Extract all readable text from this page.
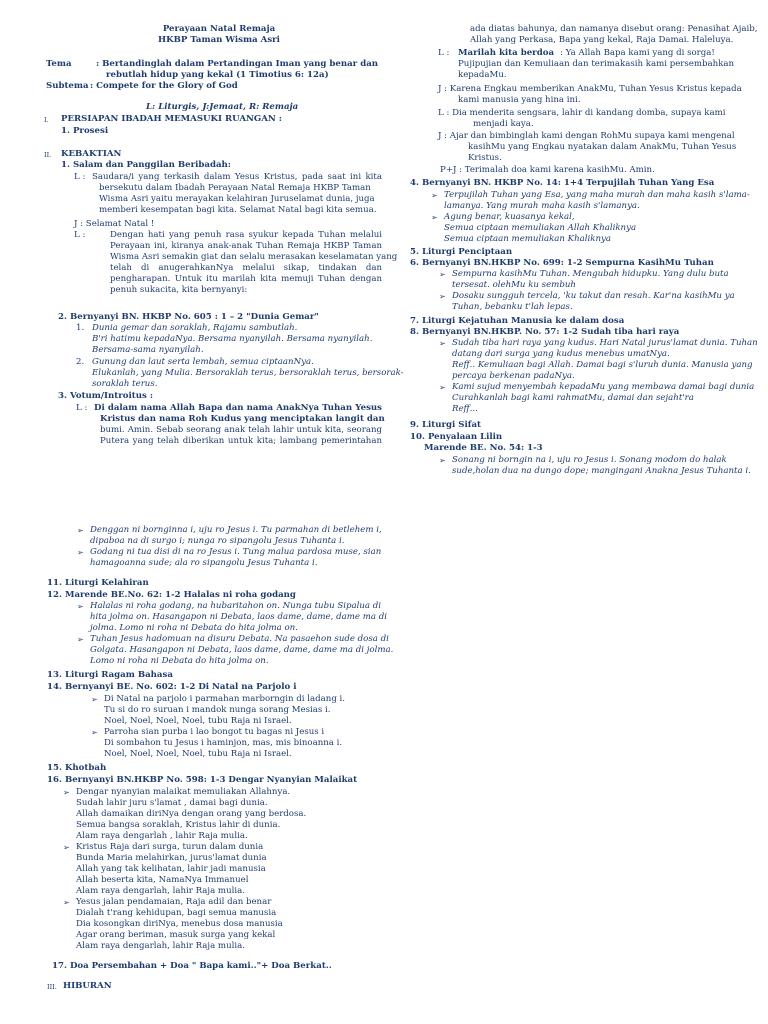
Perayaan Natal Remaja
HKBP Taman Wisma Asri
Tema	: Bertandinglah dalam Pertandingan Iman yang benar dan
rebutlah hidup yang kekal (1 Timotius 6: 12a)
Subtema : Compete for the Glory of God
L: Liturgis, J:Jemaat, R: Remaja
I. PERSIAPAN IBADAH MEMASUKI RUANGAN :
1. Prosesi
II. KEBAKTIAN
1. Salam dan Panggilan Beribadah:
L : Saudara/i yang terkasih dalam Yesus Kristus, pada saat ini kita
bersekutu dalam Ibadah Perayaan Natal Remaja HKBP Taman
Wisma Asri yaitu merayakan kelahiran Juruselamat dunia, juga
memberi kesempatan bagi kita. Selamat Natal bagi kita semua.
J : Selamat Natal !
L :	Dengan hati yang penuh rasa syukur kepada Tuhan melalui
Perayaan ini, kiranya anak-anak Tuhan Remaja HKBP Taman
Wisma Asri semakin giat dan selalu merasakan keselamatan yang
telah di anugerahkanNya melalui sikap, tindakan dan
pengharapan. Untuk itu marilah kita memuji Tuhan dengan
penuh sukacita, kita bernyanyi:
2. Bernyanyi BN. HKBP No. 605 : 1 – 2 "Dunia Gemar"
1. Dunia gemar dan soraklah, Rajamu sambutlah.
B'ri hatimu kepadaNya. Bersama nyanyilah. Bersama nyanyilah.
Bersama-sama nyanyilah.
2. Gunung dan laut serta lembah, semua ciptaanNya.
Elukanlah, yang Mulia. Bersoraklah terus, bersoraklah terus, bersorak-
soraklah terus.
3. Votum/Introitus :
L : Di dalam nama Allah Bapa dan nama AnakNya Tuhan Yesus
Kristus dan nama Roh Kudus yang menciptakan langit dan
bumi. Amin. Sebab seorang anak telah lahir untuk kita, seorang
Putera yang telah diberikan untuk kita; lambang pemerintahan
➢ Denggan ni bornginna i, uju ro Jesus i. Tu parmahan di betlehem i,
dipaboa na di surgo i; nunga ro sipangolu Jesus Tuhanta i.
➢ Godang ni tua disi di na ro Jesus i. Tung malua pardosa muse, sian
hamagoanna sude; ala ro sipangolu Jesus Tuhanta i.
11. Liturgi Kelahiran
12. Marende BE.No. 62: 1-2 Halalas ni roha godang
➢ Halalas ni roha godang, na hubaritahon on. Nunga tubu Sipalua di
hita jolma on. Hasangapon ni Debata, laos dame, dame, dame ma di
jolma. Lomo ni roha ni Debata do hita jolma on.
➢ Tuhan Jesus hadomuan na disuru Debata. Na pasaehon sude dosa di
Golgata. Hasangapon ni Debata, laos dame, dame, dame ma di jolma.
Lomo ni roha ni Debata do hita jolma on.
13. Liturgi Ragam Bahasa
14. Bernyanyi BE. No. 602: 1-2 Di Natal na Parjolo i
➢ Di Natal na parjolo i parmahan marborngin di ladang i.
Tu si do ro suruan i mandok nunga sorang Mesias i.
Noel, Noel, Noel, Noel, tubu Raja ni Israel.
➢ Parroha sian purba i lao bongot tu bagas ni Jesus i
Di sombahon tu Jesus i haminjon, mas, mis binoanna i.
Noel, Noel, Noel, Noel, tubu Raja ni Israel.
15. Khotbah
16. Bernyanyi BN.HKBP No. 598: 1-3 Dengar Nyanyian Malaikat
➢ Dengar nyanyian malaikat memuliakan Allahnya.
Sudah lahir juru s'lamat , damai bagi dunia.
Allah damaikan diriNya dengan orang yang berdosa.
Semua bangsa soraklah, Kristus lahir di dunia.
Alam raya dengarlah , lahir Raja mulia.
➢ Kristus Raja dari surga, turun dalam dunia
Bunda Maria melahirkan, jurus'lamat dunia
Allah yang tak kelihatan, lahir jadi manusia
Allah beserta kita, NamaNya Immanuel
Alam raya dengarlah, lahir Raja mulia.
➢ Yesus jalan pendamaian, Raja adil dan benar
Dialah t'rang kehidupan, bagi semua manusia
Dia kosongkan diriNya, menebus dosa manusia
Agar orang beriman, masuk surga yang kekal
Alam raya dengarlah, lahir Raja mulia.
17. Doa Persembahan + Doa " Bapa kami.."+ Doa Berkat..
III. HIBURAN
ada diatas bahunya, dan namanya disebut orang: Penasihat Ajaib,
Allah yang Perkasa, Bapa yang kekal, Raja Damai. Haleluya.
L : Marilah kita berdoa : Ya Allah Bapa kami yang di sorga!
Pujipujian dan Kemuliaan dan terimakasih kami persembahkan
kepadaMu.
J : Karena Engkau memberikan AnakMu, Tuhan Yesus Kristus kepada
kami manusia yang hina ini.
L : Dia menderita sengsara, lahir di kandang domba, supaya kami
menjadi kaya.
J : Ajar dan bimbinglah kami dengan RohMu supaya kami mengenal
kasihMu yang Engkau nyatakan dalam AnakMu, Tuhan Yesus
Kristus.
P+J : Terimalah doa kami karena kasihMu. Amin.
4. Bernyanyi BN. HKBP No. 14: 1+4 Terpujilah Tuhan Yang Esa
➢ Terpujilah Tuhan yang Esa, yang maha murah dan maha kasih s'lama-
lamanya. Yang murah maha kasih s'lamanya.
➢ Agung benar, kuasanya kekal,
Semua ciptaan memuliakan Allah Khaliknya
Semua ciptaan memuliakan Khaliknya
5. Liturgi Penciptaan
6. Bernyanyi BN.HKBP No. 699: 1-2 Sempurna KasihMu Tuhan
➢ Sempurna kasihMu Tuhan. Mengubah hidupku. Yang dulu buta
tersesat. olehMu ku sembuh
➢ Dosaku sungguh tercela, 'ku takut dan resah. Kar'na kasihMu ya
Tuhan, bebanku t'lah lepas.
7. Liturgi Kejatuhan Manusia ke dalam dosa
8. Bernyanyi BN.HKBP. No. 57: 1-2 Sudah tiba hari raya
➢ Sudah tiba hari raya yang kudus. Hari Natal jurus'lamat dunia. Tuhan
datang dari surga yang kudus menebus umatNya.
Reff.. Kemuliaan bagi Allah. Damai bagi s'luruh dunia. Manusia yang
percaya berkenan padaNya.
➢ Kami sujud menyembah kepadaMu yang membawa damai bagi dunia
Curahkanlah bagi kami rahmatMu, damai dan sejaht'ra
Reff...
9. Liturgi Sifat
10. Penyalaan Lilin
Marende BE. No. 54: 1-3
➢ Sonang ni borngin na i, uju ro Jesus i. Sonang modom do halak
sude,holan dua na dungo dope; mangingani Anakna Jesus Tuhanta i.
